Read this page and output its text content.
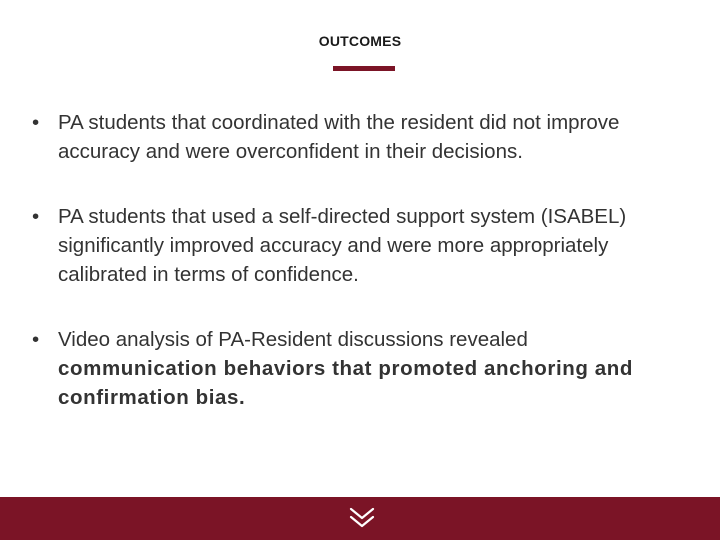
OUTCOMES
• PA students that coordinated with the resident did not improve accuracy and were overconfident in their decisions.
• PA students that used a self-directed support system (ISABEL) significantly improved accuracy and were more appropriately calibrated in terms of confidence.
• Video analysis of PA-Resident discussions revealed communication behaviors that promoted anchoring and confirmation bias.
